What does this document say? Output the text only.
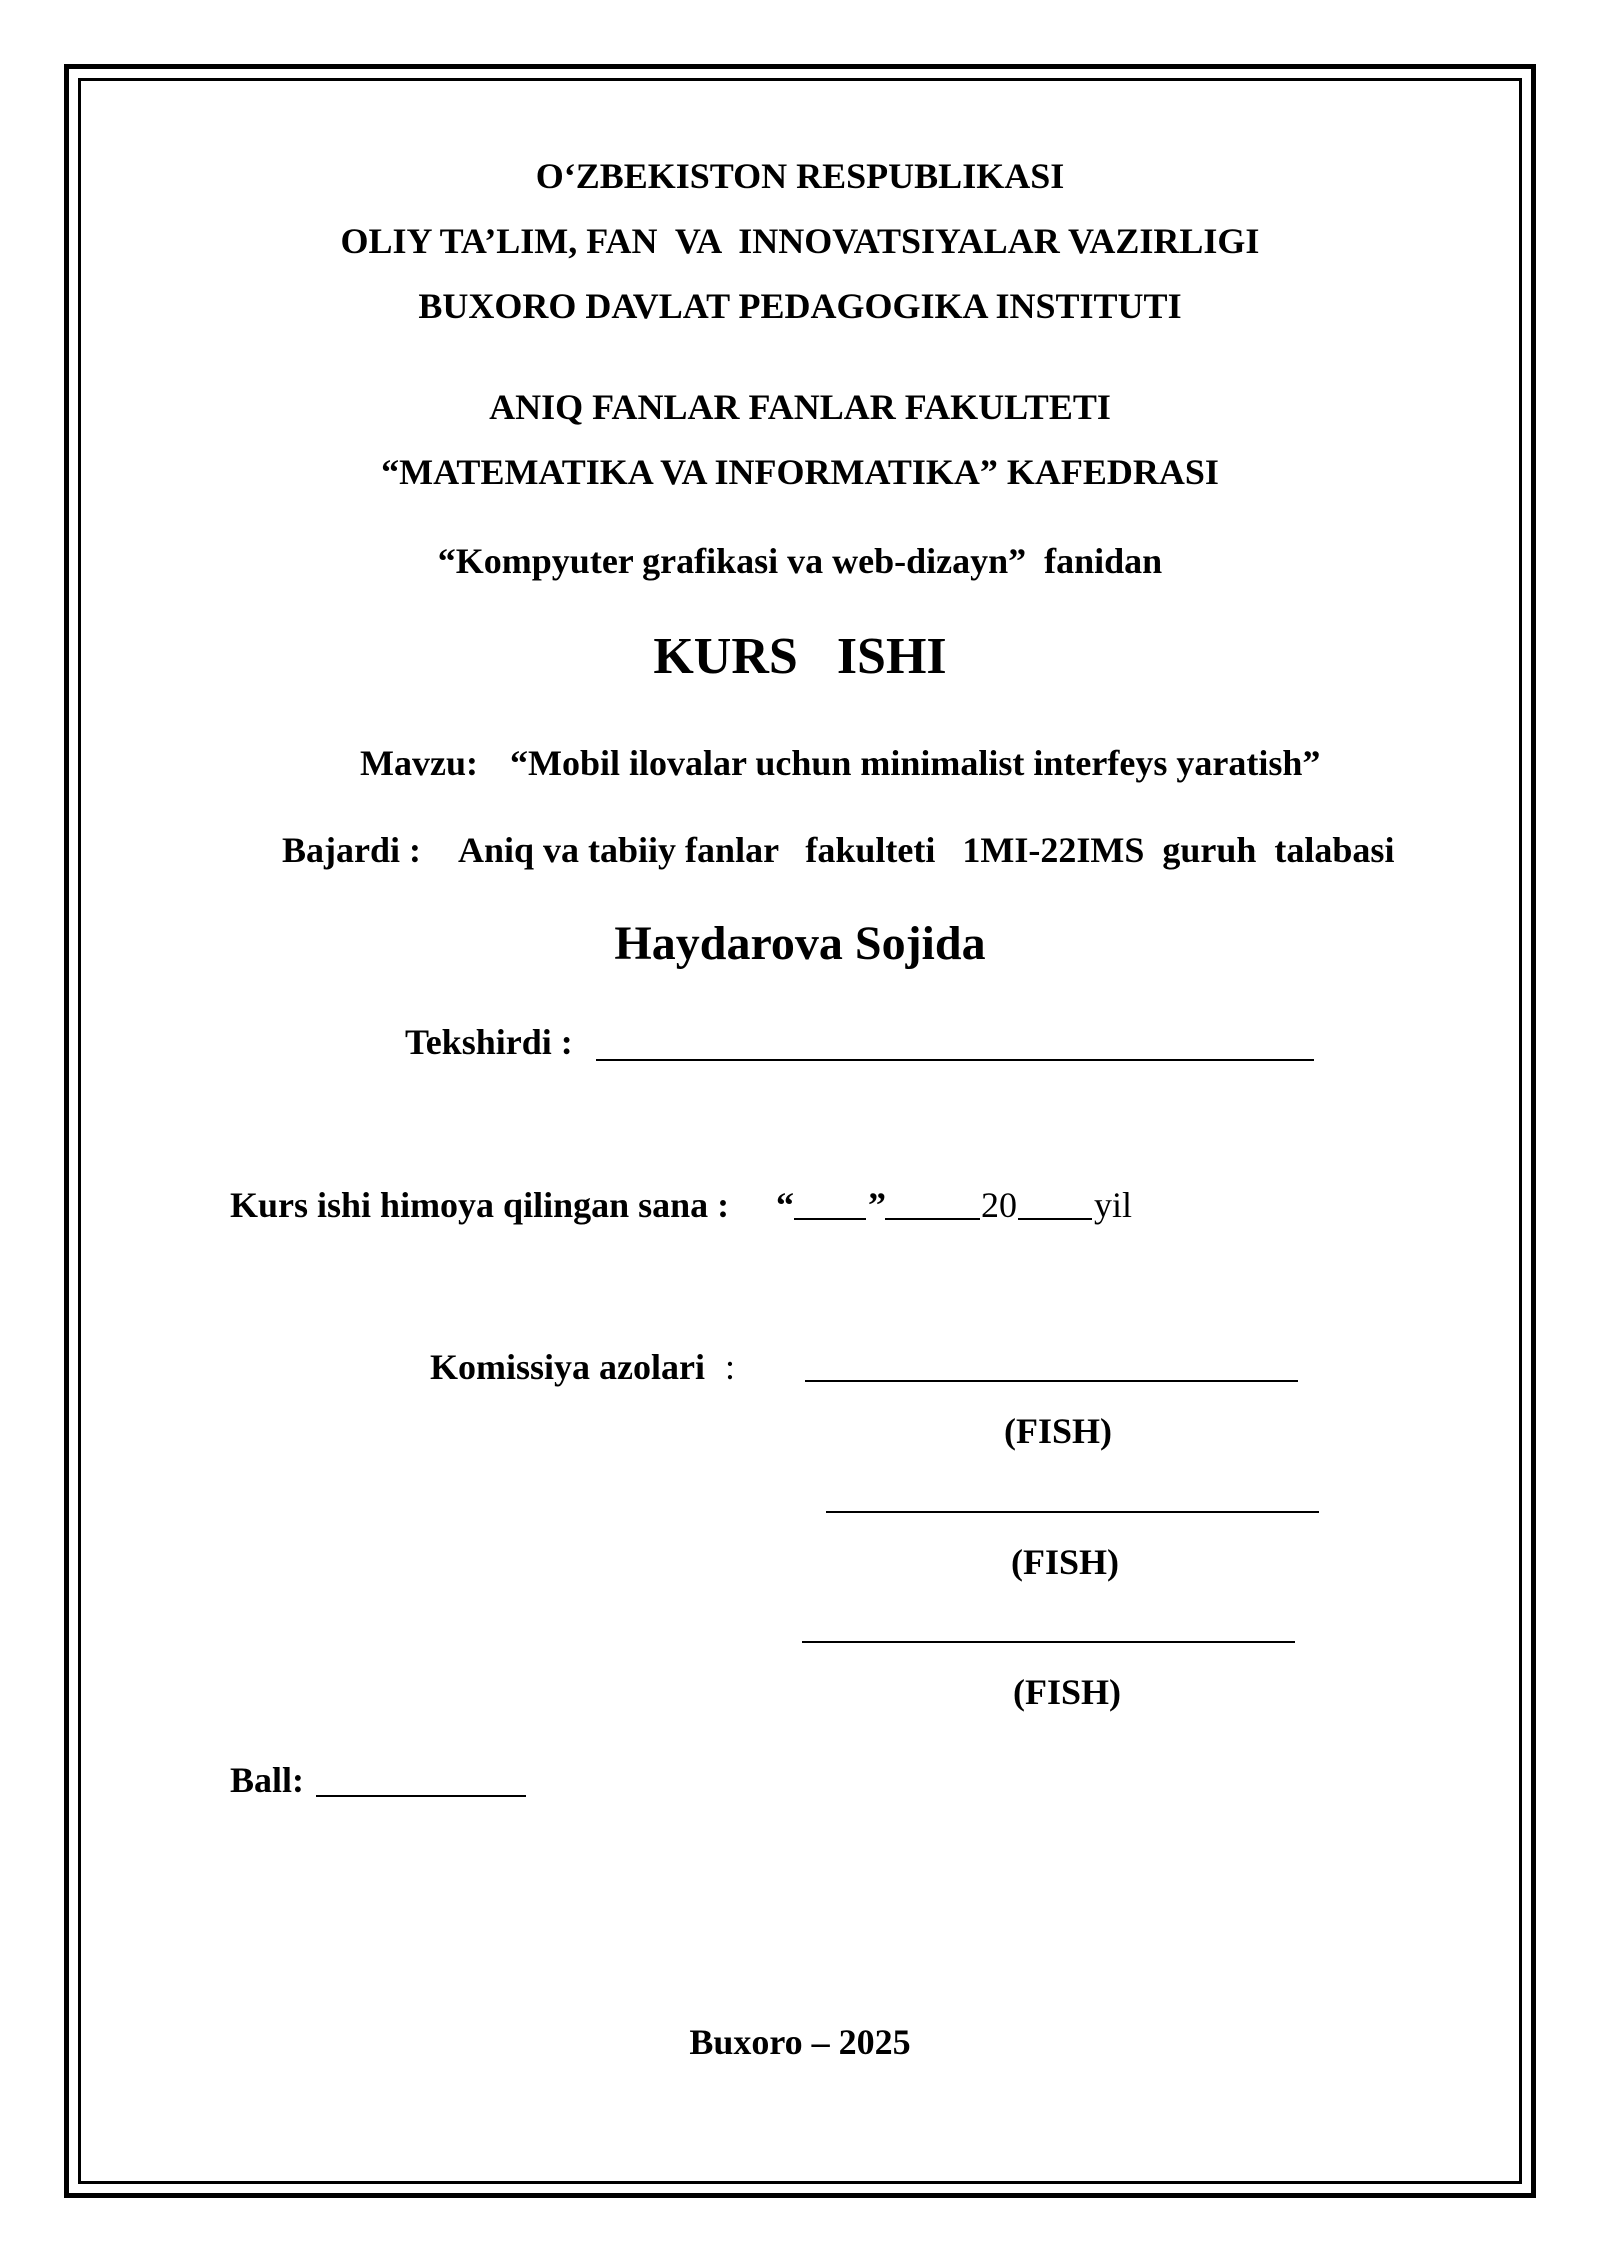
O‘ZBEKISTON RESPUBLIKASI
OLIY TA’LIM, FAN  VA  INNOVATSIYALAR VAZIRLIGI
BUXORO DAVLAT PEDAGOGIKA INSTITUTI
ANIQ FANLAR FANLAR FAKULTETI
“MATEMATIKA VA INFORMATIKA” KAFEDRASI
“Kompyuter grafikasi va web-dizayn”  fanidan
KURS   ISHI
Mavzu: “Mobil ilovalar uchun minimalist interfeys yaratish”
Bajardi : Aniq va tabiiy fanlar   fakulteti   1MI-22IMS  guruh  talabasi
Haydarova Sojida
Tekshirdi :
Kurs ishi himoya qilingan sana : “ ”	20 yil
Komissiya azolari :
(FISH)
(FISH)
(FISH)
Ball:
Buxoro – 2025
